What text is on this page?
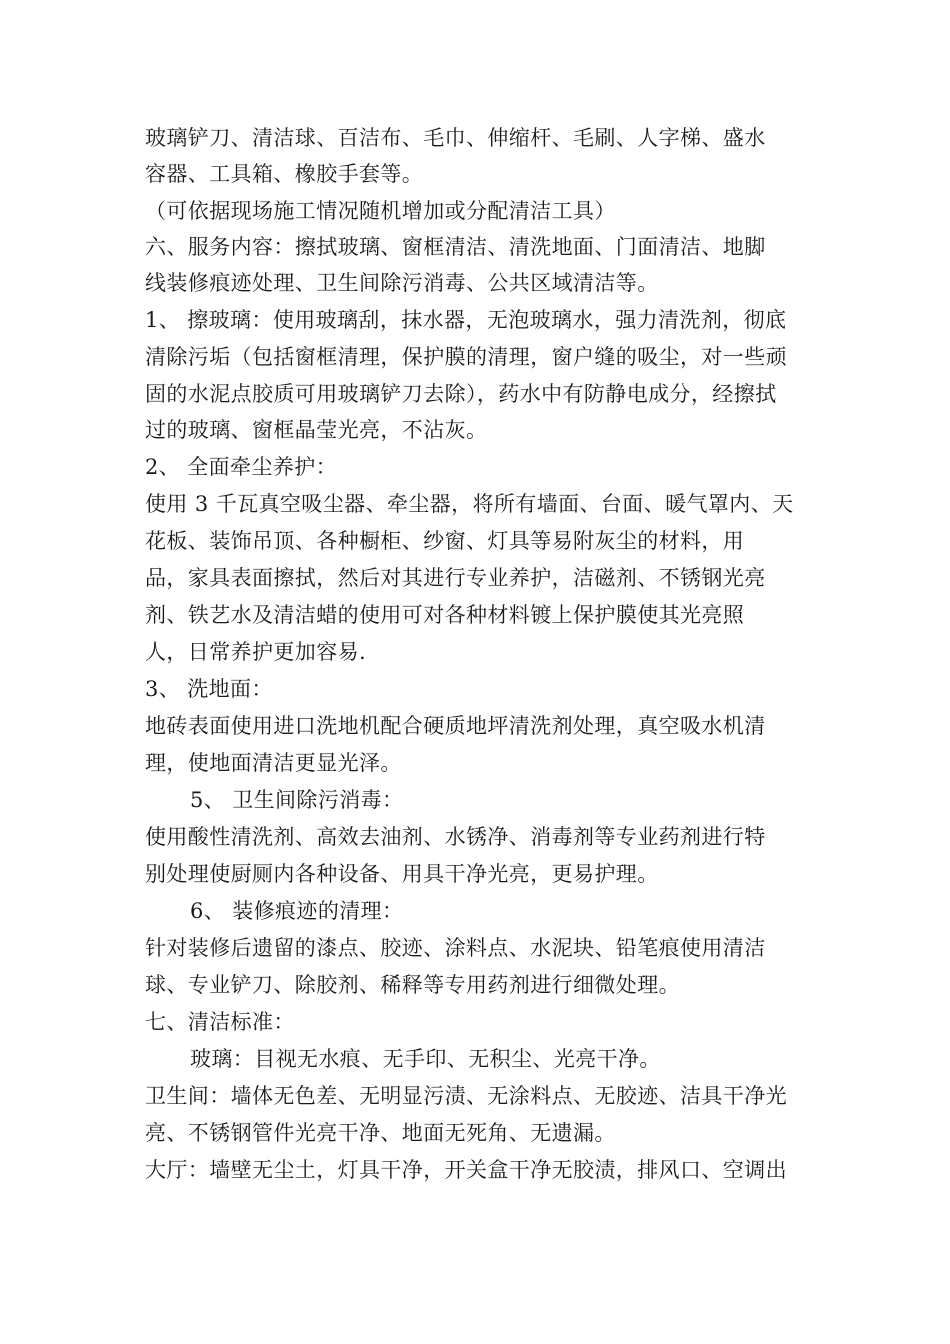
玻璃铲刀、清洁球、百洁布、毛巾、伸缩杆、毛刷、人字梯、盛水
容器、工具箱、橡胶手套等。
（可依据现场施工情况随机增加或分配清洁工具）
六、服务内容：擦拭玻璃、窗框清洁、清洗地面、门面清洁、地脚
线装修痕迹处理、卫生间除污消毒、公共区域清洁等。
1、 擦玻璃：使用玻璃刮，抹水器，无泡玻璃水，强力清洗剂，彻底
清除污垢（包括窗框清理，保护膜的清理，窗户缝的吸尘，对一些顽
固的水泥点胶质可用玻璃铲刀去除），药水中有防静电成分，经擦拭
过的玻璃、窗框晶莹光亮，不沾灰。
2、 全面牵尘养护：
使用 3 千瓦真空吸尘器、牵尘器，将所有墙面、台面、暖气罩内、天
花板、装饰吊顶、各种橱柜、纱窗、灯具等易附灰尘的材料，用
品，家具表面擦拭，然后对其进行专业养护，洁磁剂、不锈钢光亮
剂、铁艺水及清洁蜡的使用可对各种材料镀上保护膜使其光亮照
人，日常养护更加容易.
3、 洗地面：
地砖表面使用进口洗地机配合硬质地坪清洗剂处理，真空吸水机清
理，使地面清洁更显光泽。
5、 卫生间除污消毒：
使用酸性清洗剂、高效去油剂、水锈净、消毒剂等专业药剂进行特
别处理使厨厕内各种设备、用具干净光亮，更易护理。
6、 装修痕迹的清理：
针对装修后遗留的漆点、胶迹、涂料点、水泥块、铅笔痕使用清洁
球、专业铲刀、除胶剂、稀释等专用药剂进行细微处理。
七、清洁标准：
玻璃：目视无水痕、无手印、无积尘、光亮干净。
卫生间：墙体无色差、无明显污渍、无涂料点、无胶迹、洁具干净光
亮、不锈钢管件光亮干净、地面无死角、无遗漏。
大厅：墙壁无尘土，灯具干净，开关盒干净无胶渍，排风口、空调出
